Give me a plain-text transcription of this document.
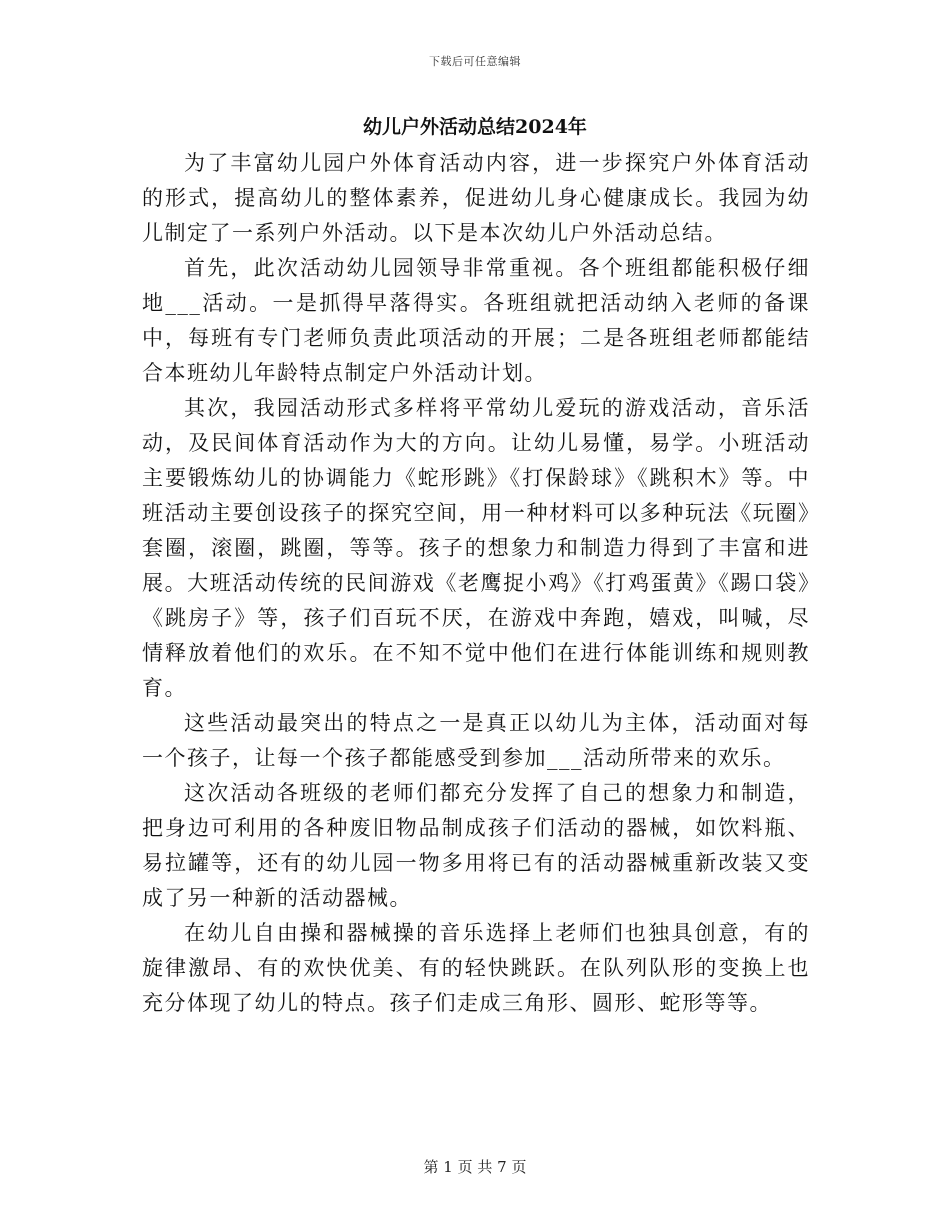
下载后可任意编辑
幼儿户外活动总结2024年

为了丰富幼儿园户外体育活动内容，进一步探究户外体育活动的形式，提高幼儿的整体素养，促进幼儿身心健康成长。我园为幼儿制定了一系列户外活动。以下是本次幼儿户外活动总结。

首先，此次活动幼儿园领导非常重视。各个班组都能积极仔细地___活动。一是抓得早落得实。各班组就把活动纳入老师的备课中，每班有专门老师负责此项活动的开展；二是各班组老师都能结合本班幼儿年龄特点制定户外活动计划。

其次，我园活动形式多样将平常幼儿爱玩的游戏活动，音乐活动，及民间体育活动作为大的方向。让幼儿易懂，易学。小班活动主要锻炼幼儿的协调能力《蛇形跳》《打保龄球》《跳积木》等。中班活动主要创设孩子的探究空间，用一种材料可以多种玩法《玩圈》套圈，滚圈，跳圈，等等。孩子的想象力和制造力得到了丰富和进展。大班活动传统的民间游戏《老鹰捉小鸡》《打鸡蛋黄》《踢口袋》《跳房子》等，孩子们百玩不厌，在游戏中奔跑，嬉戏，叫喊，尽情释放着他们的欢乐。在不知不觉中他们在进行体能训练和规则教育。

这些活动最突出的特点之一是真正以幼儿为主体，活动面对每一个孩子，让每一个孩子都能感受到参加___活动所带来的欢乐。

这次活动各班级的老师们都充分发挥了自己的想象力和制造，把身边可利用的各种废旧物品制成孩子们活动的器械，如饮料瓶、易拉罐等，还有的幼儿园一物多用将已有的活动器械重新改装又变成了另一种新的活动器械。

在幼儿自由操和器械操的音乐选择上老师们也独具创意，有的旋律激昂、有的欢快优美、有的轻快跳跃。在队列队形的变换上也充分体现了幼儿的特点。孩子们走成三角形、圆形、蛇形等等。

第 1 页 共 7 页
